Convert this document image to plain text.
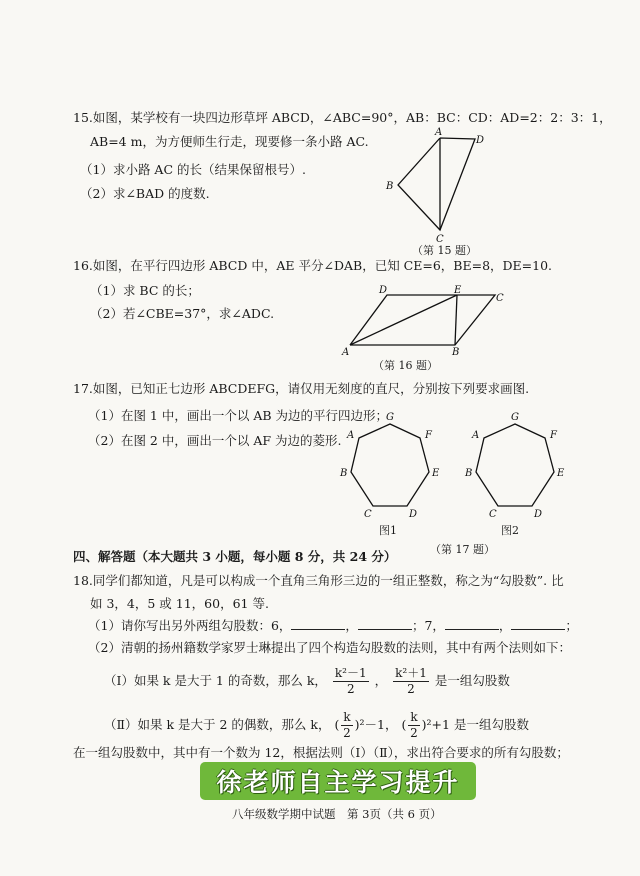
15.如图，某学校有一块四边形草坪 ABCD，∠ABC=90°，AB：BC：CD：AD=2：2：3：1，
AB=4 m，为方便师生行走，现要修一条小路 AC.
（1）求小路 AC 的长（结果保留根号）.
（2）求∠BAD 的度数.
A
D
B
C
（第 15 题）
16.如图，在平行四边形 ABCD 中，AE 平分∠DAB，已知 CE=6，BE=8，DE=10.
（1）求 BC 的长；
（2）若∠CBE=37°，求∠ADC.
A
D	E
C
B
（第 16 题）
17.如图，已知正七边形 ABCDEFG，请仅用无刻度的直尺，分别按下列要求画图.
（1）在图 1 中，画出一个以 AB 为边的平行四边形；
（2）在图 2 中，画出一个以 AF 为边的菱形.
G
F
E
D
C
B
A
图1
G
F
E
D
C
B
A
图2
（第 17 题）
四、解答题（本大题共 3 小题，每小题 8 分，共 24 分）
18.同学们都知道，凡是可以构成一个直角三角形三边的一组正整数，称之为“勾股数”. 比
如 3，4，5 或 11，60，61 等.
（1）请你写出另外两组勾股数：6，	，	；7，	，	；
（2）清朝的扬州籍数学家罗士琳提出了四个构造勾股数的法则，其中有两个法则如下：
（Ⅰ）如果 k 是大于 1 的奇数，那么 k， $\frac{\text{k²－1}}{2}$ ， $\frac{\text{k²＋1}}{2}$ 是一组勾股数
（Ⅱ）如果 k 是大于 2 的偶数，那么 k， ( $\frac{k}{2} )^2-1$， ( $\frac{k}{2} )^2+1$ 是一组勾股数
在一组勾股数中，其中有一个数为 12，根据法则（Ⅰ）（Ⅱ），求出符合要求的所有勾股数；
徐老师自主学习提升
八年级数学期中试题　第 3页（共 6 页）
